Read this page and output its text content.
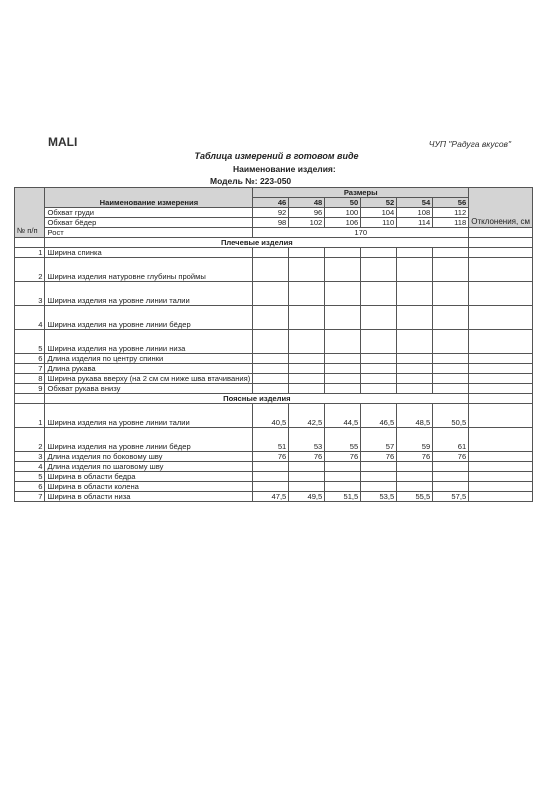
MALI	ЧУП "Радуга вкусов"
Таблица измерений в готовом виде
Наименование изделия:
Модель №: 223-050
№ п/п	Наименование измерения	Размеры						Отклонения, см
		46	48	50	52	54	56	
	Обхват груди	92	96	100	104	108	112	
	Обхват бёдер	98	102	106	110	114	118	
	Рост	170						
	Плечевые изделия							
1	Ширина спинка							
2	Ширина изделия натуровне глубины проймы							
3	Ширина изделия на уровне линии талии							
4	Ширина изделия на уровне линии бёдер							
5	Ширина изделия на уровне линии низа							
6	Длина изделия по центру спинки							
7	Длина рукава							
8	Ширина рукава вверху (на 2 см см ниже шва втачивания)							
9	Обхват рукава внизу							
	Поясные изделия							
1	Ширина изделия на уровне линии талии	40,5	42,5	44,5	46,5	48,5	50,5	
2	Ширина изделия на уровне линии бёдер	51	53	55	57	59	61	
3	Длина изделия по боковому шву	76	76	76	76	76	76	
4	Длина изделия по шаговому шву							
5	Ширина в области бедра							
6	Ширина в области колена							
7	Ширина в области низа	47,5	49,5	51,5	53,5	55,5	57,5	
